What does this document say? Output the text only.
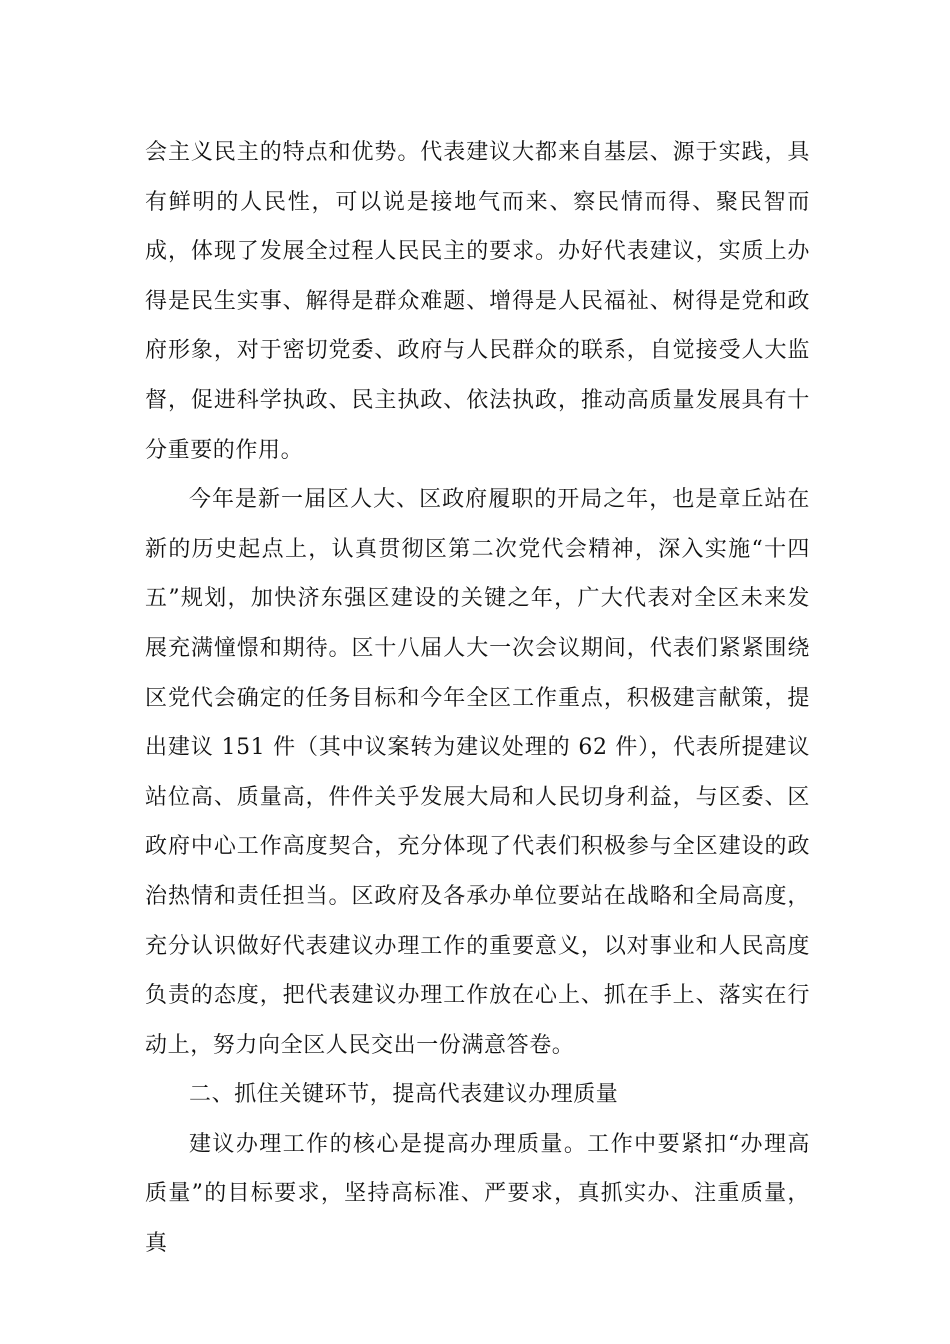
会主义民主的特点和优势。代表建议大都来自基层、源于实践，具有鲜明的人民性，可以说是接地气而来、察民情而得、聚民智而成，体现了发展全过程人民民主的要求。办好代表建议，实质上办得是民生实事、解得是群众难题、增得是人民福祉、树得是党和政府形象，对于密切党委、政府与人民群众的联系，自觉接受人大监督，促进科学执政、民主执政、依法执政，推动高质量发展具有十分重要的作用。

今年是新一届区人大、区政府履职的开局之年，也是章丘站在新的历史起点上，认真贯彻区第二次党代会精神，深入实施“十四五”规划，加快济东强区建设的关键之年，广大代表对全区未来发展充满憧憬和期待。区十八届人大一次会议期间，代表们紧紧围绕区党代会确定的任务目标和今年全区工作重点，积极建言献策，提出建议 151 件（其中议案转为建议处理的 62 件），代表所提建议站位高、质量高，件件关乎发展大局和人民切身利益，与区委、区政府中心工作高度契合，充分体现了代表们积极参与全区建设的政治热情和责任担当。区政府及各承办单位要站在战略和全局高度，充分认识做好代表建议办理工作的重要意义，以对事业和人民高度负责的态度，把代表建议办理工作放在心上、抓在手上、落实在行动上，努力向全区人民交出一份满意答卷。

二、抓住关键环节，提高代表建议办理质量

建议办理工作的核心是提高办理质量。工作中要紧扣“办理高质量”的目标要求，坚持高标准、严要求，真抓实办、注重质量，真
